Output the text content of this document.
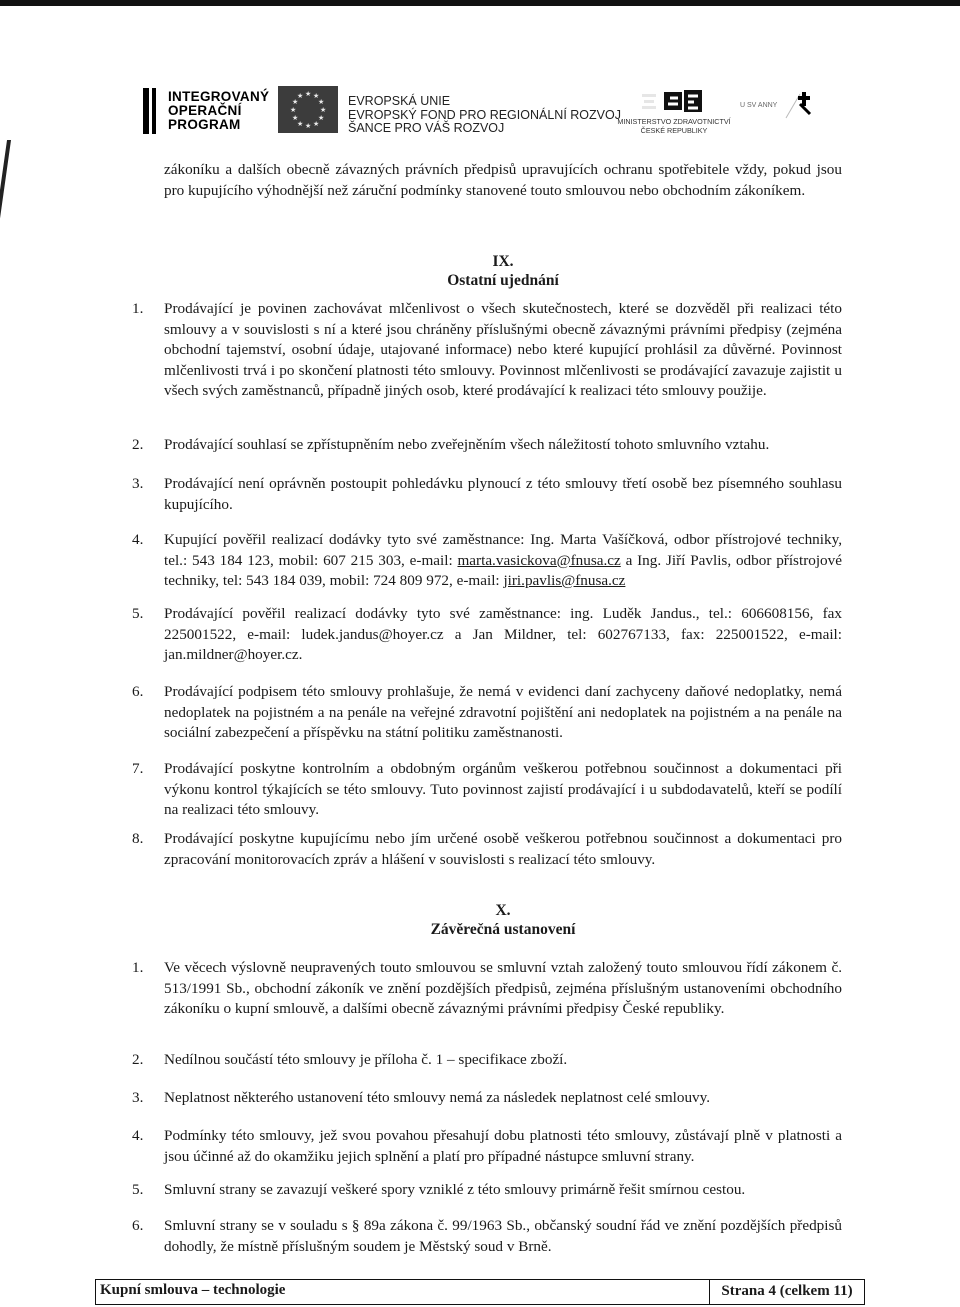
INTEGROVANÝ
OPERAČNÍ
PROGRAM
★ ★
★
★
★
★
★
★
★
★
★
★	EVROPSKÁ UNIE
EVROPSKÝ FOND PRO REGIONÁLNÍ ROZVOJ
ŠANCE PRO VÁŠ ROZVOJ	MINISTERSTVO ZDRAVOTNICTVÍ
ČESKÉ REPUBLIKY
U SV ANNY

zákoníku a dalších obecně závazných právních předpisů upravujících ochranu spotřebitele vždy, pokud jsou pro kupujícího výhodnější než záruční podmínky stanovené touto smlouvou nebo obchodním zákoníkem.

IX.
Ostatní ujednání
1. Prodávající je povinen zachovávat mlčenlivost o všech skutečnostech, které se dozvěděl při realizaci této smlouvy a v souvislosti s ní a které jsou chráněny příslušnými obecně závaznými právními předpisy (zejména obchodní tajemství, osobní údaje, utajované informace) nebo které kupující prohlásil za důvěrné. Povinnost mlčenlivosti trvá i po skončení platnosti této smlouvy. Povinnost mlčenlivosti se prodávající zavazuje zajistit u všech svých zaměstnanců, případně jiných osob, které prodávající k realizaci této smlouvy použije.

2. Prodávající souhlasí se zpřístupněním nebo zveřejněním všech náležitostí tohoto smluvního vztahu.

3. Prodávající není oprávněn postoupit pohledávku plynoucí z této smlouvy třetí osobě bez písemného souhlasu kupujícího.

4. Kupující pověřil realizací dodávky tyto své zaměstnance: Ing. Marta Vašíčková, odbor přístrojové techniky, tel.: 543 184 123, mobil: 607 215 303, e-mail: marta.vasickova@fnusa.cz a Ing. Jiří Pavlis, odbor přístrojové techniky, tel: 543 184 039, mobil: 724 809 972, e-mail: jiri.pavlis@fnusa.cz

5. Prodávající pověřil realizací dodávky tyto své zaměstnance: ing. Luděk Jandus., tel.: 606608156, fax 225001522, e-mail: ludek.jandus@hoyer.cz a Jan Mildner, tel: 602767133, fax: 225001522, e-mail: jan.mildner@hoyer.cz.

6. Prodávající podpisem této smlouvy prohlašuje, že nemá v evidenci daní zachyceny daňové nedoplatky, nemá nedoplatek na pojistném a na penále na veřejné zdravotní pojištění ani nedoplatek na pojistném a na penále na sociální zabezpečení a příspěvku na státní politiku zaměstnanosti.

7. Prodávající poskytne kontrolním a obdobným orgánům veškerou potřebnou součinnost a dokumentaci při výkonu kontrol týkajících se této smlouvy. Tuto povinnost zajistí prodávající i u subdodavatelů, kteří se podílí na realizaci této smlouvy.

8. Prodávající poskytne kupujícímu nebo jím určené osobě veškerou potřebnou součinnost a dokumentaci pro zpracování monitorovacích zpráv a hlášení v souvislosti s realizací této smlouvy.

X.
Závěrečná ustanovení
1. Ve věcech výslovně neupravených touto smlouvou se smluvní vztah založený touto smlouvou řídí zákonem č. 513/1991 Sb., obchodní zákoník ve znění pozdějších předpisů, zejména příslušným ustanoveními obchodního zákoníku o kupní smlouvě, a dalšími obecně závaznými právními předpisy České republiky.

2. Nedílnou součástí této smlouvy je příloha č. 1 – specifikace zboží.

3. Neplatnost některého ustanovení této smlouvy nemá za následek neplatnost celé smlouvy.

4. Podmínky této smlouvy, jež svou povahou přesahují dobu platnosti této smlouvy, zůstávají plně v platnosti a jsou účinné až do okamžiku jejich splnění a platí pro případné nástupce smluvní strany.

5. Smluvní strany se zavazují veškeré spory vzniklé z této smlouvy primárně řešit smírnou cestou.

6. Smluvní strany se v souladu s § 89a zákona č. 99/1963 Sb., občanský soudní řád ve znění pozdějších předpisů dohodly, že místně příslušným soudem je Městský soud v Brně.

Kupní smlouva – technologie	Strana 4 (celkem 11)
